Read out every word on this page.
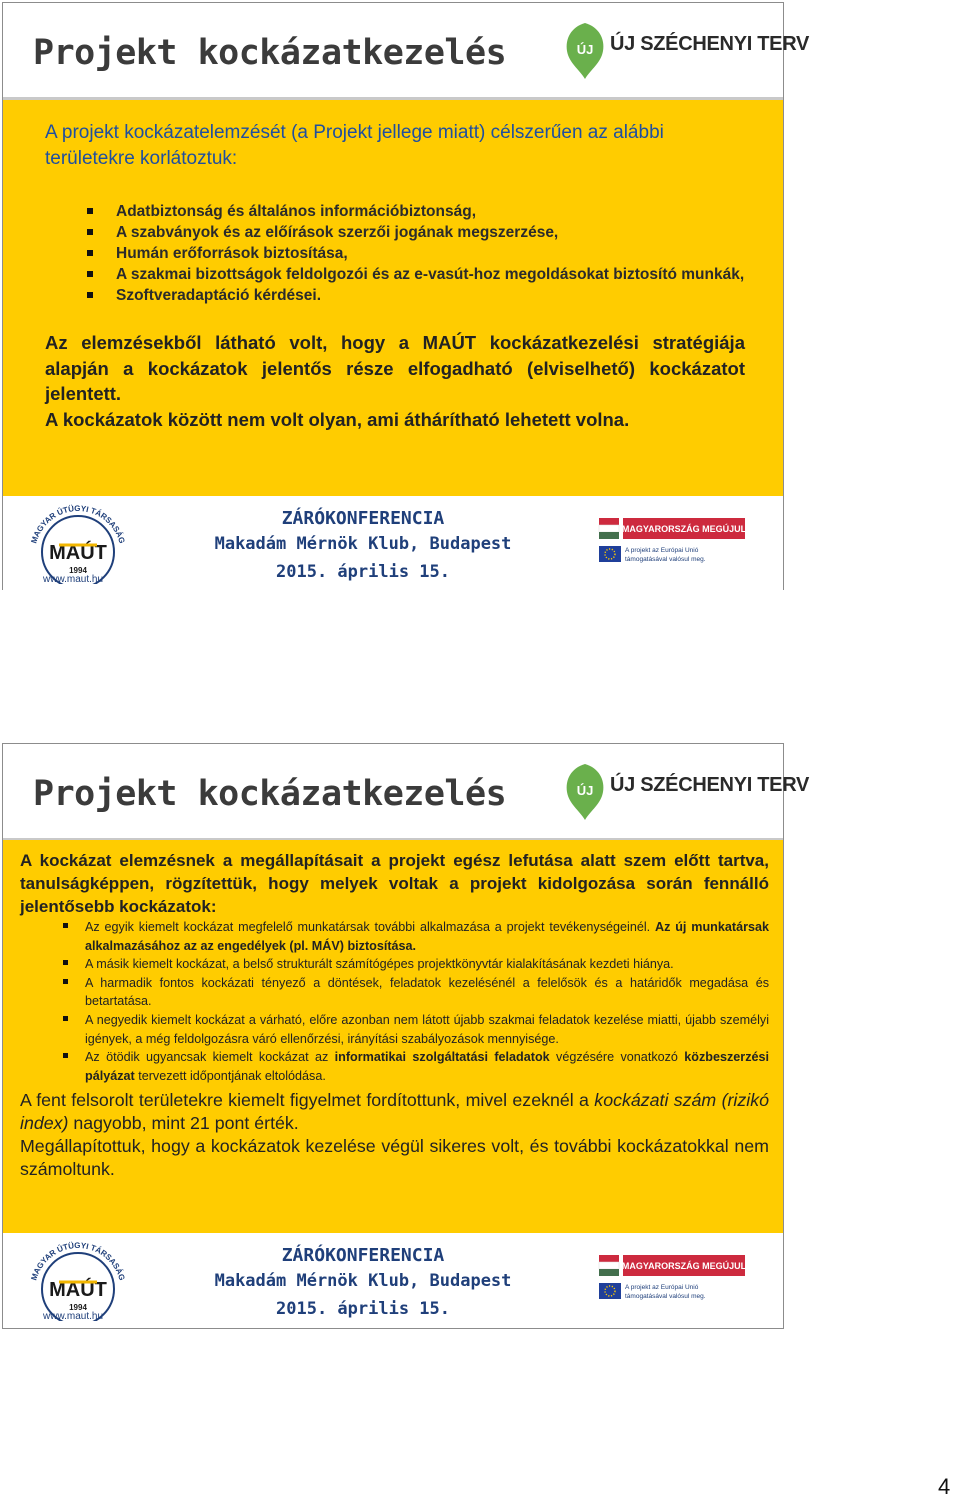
Projekt kockázatkezelés	ÚJ ÚJ SZÉCHENYI TERV

A projekt kockázatelemzését (a Projekt jellege miatt) célszerűen az alábbi területekre korlátoztuk:

Adatbiztonság és általános információbiztonság,
A szabványok és az előírások szerzői jogának megszerzése,
Humán erőforrások biztosítása,
A szakmai bizottságok feldolgozói és az e-vasút-hoz megoldásokat biztosító munkák,
Szoftveradaptáció kérdései.

Az elemzésekből látható volt, hogy a MAÚT kockázatkezelési stratégiája alapján a kockázatok jelentős része elfogadható (elviselhető) kockázatot jelentett.
A kockázatok között nem volt olyan, ami áthárítható lehetett volna.

MAGYAR ÚTÜGYI TÁRSASÁG
MAÚT
1994
www.maut.hu
ZÁRÓKONFERENCIA
Makadám Mérnök Klub, Budapest
2015. április 15.
MAGYARORSZÁG MEGÚJUL
A projekt az Európai Unió
támogatásával valósul meg.
Projekt kockázatkezelés	ÚJ ÚJ SZÉCHENYI TERV

A kockázat elemzésnek a megállapításait a projekt egész lefutása alatt szem előtt tartva, tanulságképpen, rögzítettük, hogy melyek voltak a projekt kidolgozása során fennálló jelentősebb kockázatok:

Az egyik kiemelt kockázat megfelelő munkatársak további alkalmazása a projekt tevékenységeinél. Az új munkatársak alkalmazásához az az engedélyek (pl. MÁV) biztosítása.
A másik kiemelt kockázat, a belső strukturált számítógépes projektkönyvtár kialakításának kezdeti hiánya.
A harmadik fontos kockázati tényező a döntések, feladatok kezelésénél a felelősök és a határidők megadása és betartatása.
A negyedik kiemelt kockázat a várható, előre azonban nem látott újabb szakmai feladatok kezelése miatti, újabb személyi igények, a még feldolgozásra váró ellenőrzési, irányítási szabályozások mennyisége.
Az ötödik ugyancsak kiemelt kockázat az informatikai szolgáltatási feladatok végzésére vonatkozó közbeszerzési pályázat tervezett időpontjának eltolódása.

A fent felsorolt területekre kiemelt figyelmet fordítottunk, mivel ezeknél a kockázati szám (rizikó index) nagyobb, mint 21 pont érték.
Megállapítottuk, hogy a kockázatok kezelése végül sikeres volt, és további kockázatokkal nem számoltunk.

MAGYAR ÚTÜGYI TÁRSASÁG
MAÚT
1994
www.maut.hu
ZÁRÓKONFERENCIA
Makadám Mérnök Klub, Budapest
2015. április 15.
MAGYARORSZÁG MEGÚJUL
A projekt az Európai Unió
támogatásával valósul meg.
4
